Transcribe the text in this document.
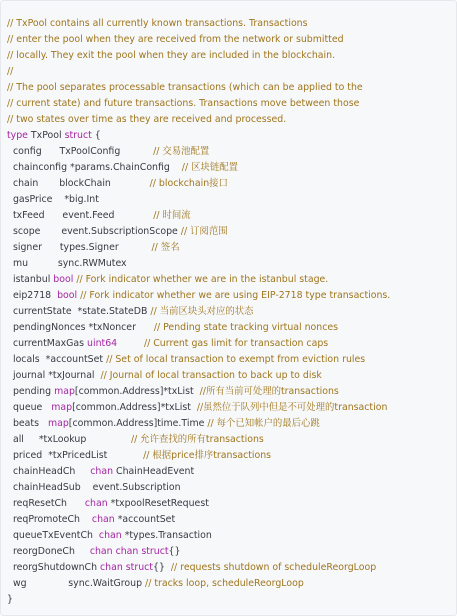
// TxPool contains all currently known transactions. Transactions
// enter the pool when they are received from the network or submitted
// locally. They exit the pool when they are included in the blockchain.
//
// The pool separates processable transactions (which can be applied to the
// current state) and future transactions. Transactions move between those
// two states over time as they are received and processed.
type TxPool struct {
config      TxPoolConfig           // 交易池配置
chainconfig *params.ChainConfig    // 区块链配置
chain       blockChain             // blockchain接口
gasPrice    *big.Int
txFeed      event.Feed             // 时间流
scope       event.SubscriptionScope // 订阅范围
signer      types.Signer           // 签名
mu          sync.RWMutex
istanbul bool // Fork indicator whether we are in the istanbul stage.
eip2718  bool // Fork indicator whether we are using EIP-2718 type transactions.
currentState  *state.StateDB // 当前区块头对应的状态
pendingNonces *txNoncer      // Pending state tracking virtual nonces
currentMaxGas uint64	// Current gas limit for transaction caps
locals  *accountSet // Set of local transaction to exempt from eviction rules
journal *txJournal  // Journal of local transaction to back up to disk
pending map[common.Address]*txList  //所有当前可处理的transactions
queue   map[common.Address]*txList  //虽然位于队列中但是不可处理的transaction
beats   map[common.Address]time.Time // 每个已知帐户的最后心跳
all     *txLookup               // 允许查找的所有transactions
priced  *txPricedList            // 根据price排序transactions
chainHeadCh     chan ChainHeadEvent
chainHeadSub    event.Subscription
reqResetCh      chan *txpoolResetRequest
reqPromoteCh    chan *accountSet
queueTxEventCh  chan *types.Transaction
reorgDoneCh     chan chan struct{}
reorgShutdownCh chan struct{}  // requests shutdown of scheduleReorgLoop
wg              sync.WaitGroup // tracks loop, scheduleReorgLoop
}
